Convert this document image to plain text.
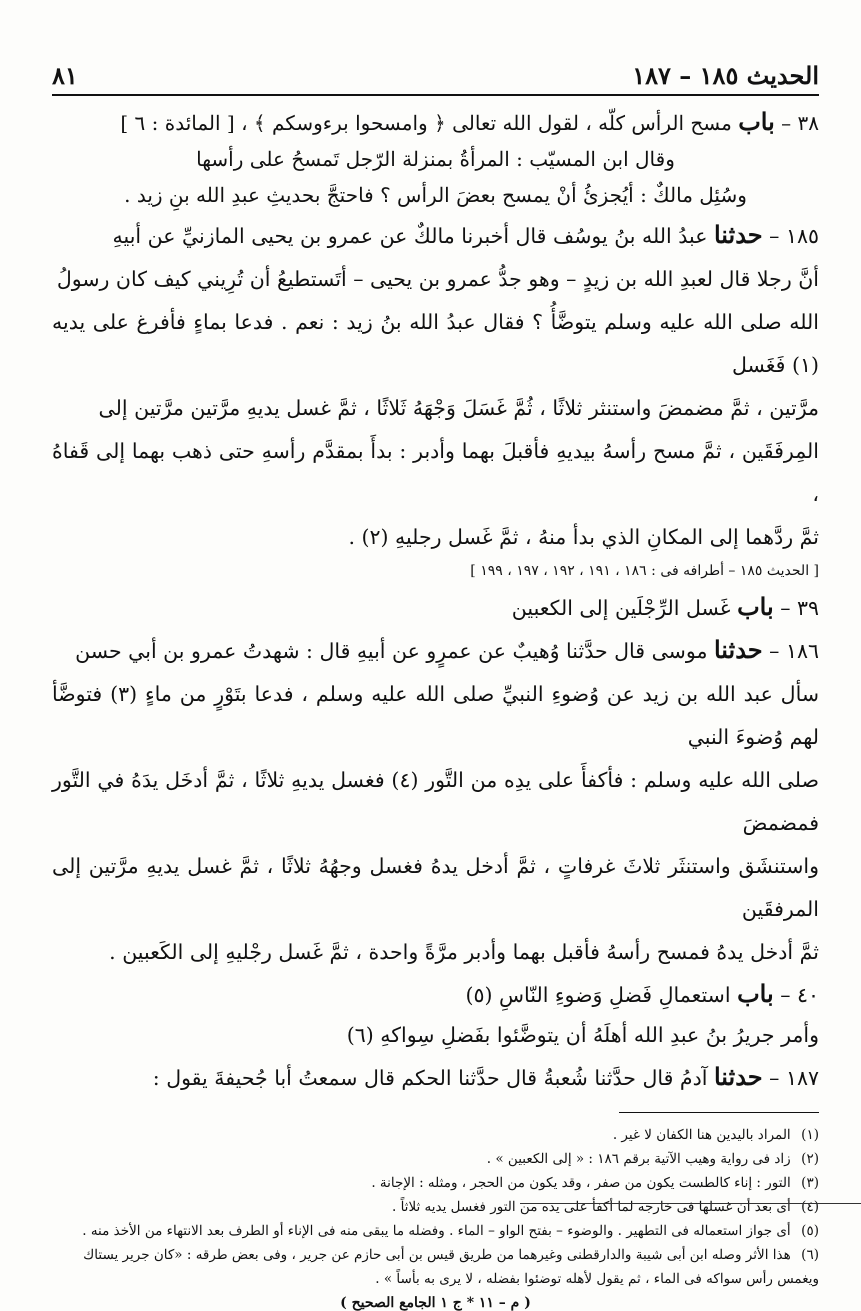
الحديث ١٨٥ – ١٨٧
٨١

٣٨ – باب مسح الرأس كلّه ، لقول الله تعالى ﴿ وامسحوا برءوسكم ﴾ ، [ المائدة : ٦ ]

وقال ابن المسيّب : المرأةُ بمنزلة الرّجل تَمسحُ على رأسها

وسُئِل مالكٌ : أيُجزئُ أنْ يمسح بعضَ الرأس ؟ فاحتجَّ بحديثِ عبدِ الله بنِ زيد .

١٨٥ – حدثنا عبدُ الله بنُ يوسُف قال أخبرنا مالكٌ عن عمرو بن يحيى المازنيِّ عن أبيهِ

أنَّ رجلا قال لعبدِ الله بن زيدٍ – وهو جدُّ عمرو بن يحيى – أتَستطيعُ أن تُرِيني كيف كان رسولُ

الله صلى الله عليه وسلم يتوضَّأُ ؟ فقال عبدُ الله بنُ زيد : نعم . فدعا بماءٍ فأفرغ على يديه (١) فَغَسل

مرَّتين ، ثمَّ مضمضَ واستنثر ثلاثًا ، ثُمَّ غَسَلَ وَجْهَهُ ثَلاثًا ، ثمَّ غسل يديهِ مرَّتين مرَّتين إلى

المِرفَقَين ، ثمَّ مسح رأسهُ بيديهِ فأقبلَ بهما وأدبر : بدأَ بمقدَّم رأسهِ حتى ذهب بهما إلى قَفاهُ ،

ثمَّ ردَّهما إلى المكانِ الذي بدأ منهُ ، ثمَّ غَسل رجليهِ (٢) .

[ الحديث ١٨٥ – أطرافه فى : ١٨٦ ، ١٩١ ، ١٩٢ ، ١٩٧ ، ١٩٩ ]

٣٩ – باب غَسل الرِّجْلَين إلى الكعبين

١٨٦ – حدثنا موسى قال حدَّثنا وُهيبٌ عن عمرٍو عن أبيهِ قال : شهدتُ عمرو بن أبي حسن

سأل عبد الله بن زيد عن وُضوءِ النبيِّ صلى الله عليه وسلم ، فدعا بتَوْرٍ من ماءٍ (٣) فتوضَّأ لهم وُضوءَ النبي

صلى الله عليه وسلم : فأكفأَ على يدِه من التَّور (٤) فغسل يديهِ ثلاثًا ، ثمَّ أدخَل يدَهُ في التَّور فمضمضَ

واستنشَق واستنثَر ثلاثَ غرفاتٍ ، ثمَّ أدخل يدهُ فغسل وجهُهُ ثلاثًا ، ثمَّ غسل يديهِ مرَّتين إلى المرفقَين

ثمَّ أدخل يدهُ فمسح رأسهُ فأقبل بهما وأدبر مرَّةً واحدة ، ثمَّ غَسل رجْليهِ إلى الكَعبين .

٤٠ – باب استعمالِ فَضلِ وَضوءِ النّاسِ (٥)

وأمر جريرُ بنُ عبدِ الله أهلَهُ أن يتوضَّئوا بفَضلِ سِواكهِ (٦)

١٨٧ – حدثنا آدمُ قال حدَّثنا شُعبةُ قال حدَّثنا الحكم قال سمعتُ أبا جُحيفةَ يقول :

(١) المراد باليدين هنا الكفان لا غير .

(٢) زاد فى رواية وهيب الآتية برقم ١٨٦ : « إلى الكعبين » .

(٣) التور : إناء كالطست يكون من صفر ، وقد يكون من الحجر ، ومثله : الإجانة .

(٤) أى بعد أن غسلها فى خارجه لما أكفأ على يده من التور فغسل يديه ثلاثاً .

(٥) أى جواز استعماله فى التطهير . والوضوء – بفتح الواو – الماء . وفضله ما يبقى منه فى الإناء أو الطرف بعد الانتهاء من الأخذ منه .

(٦) هذا الأثر وصله ابن أبى شيبة والدارقطنى وغيرهما من طريق قيس بن أبى حازم عن جرير ، وفى بعض طرقه : «كان جرير يستاك ويغمس رأس سواكه فى الماء ، ثم يقول لأهله توضئوا بفضله ، لا يرى به بأساً » .

( م – ١١ * ج ١ الجامع الصحيح )
